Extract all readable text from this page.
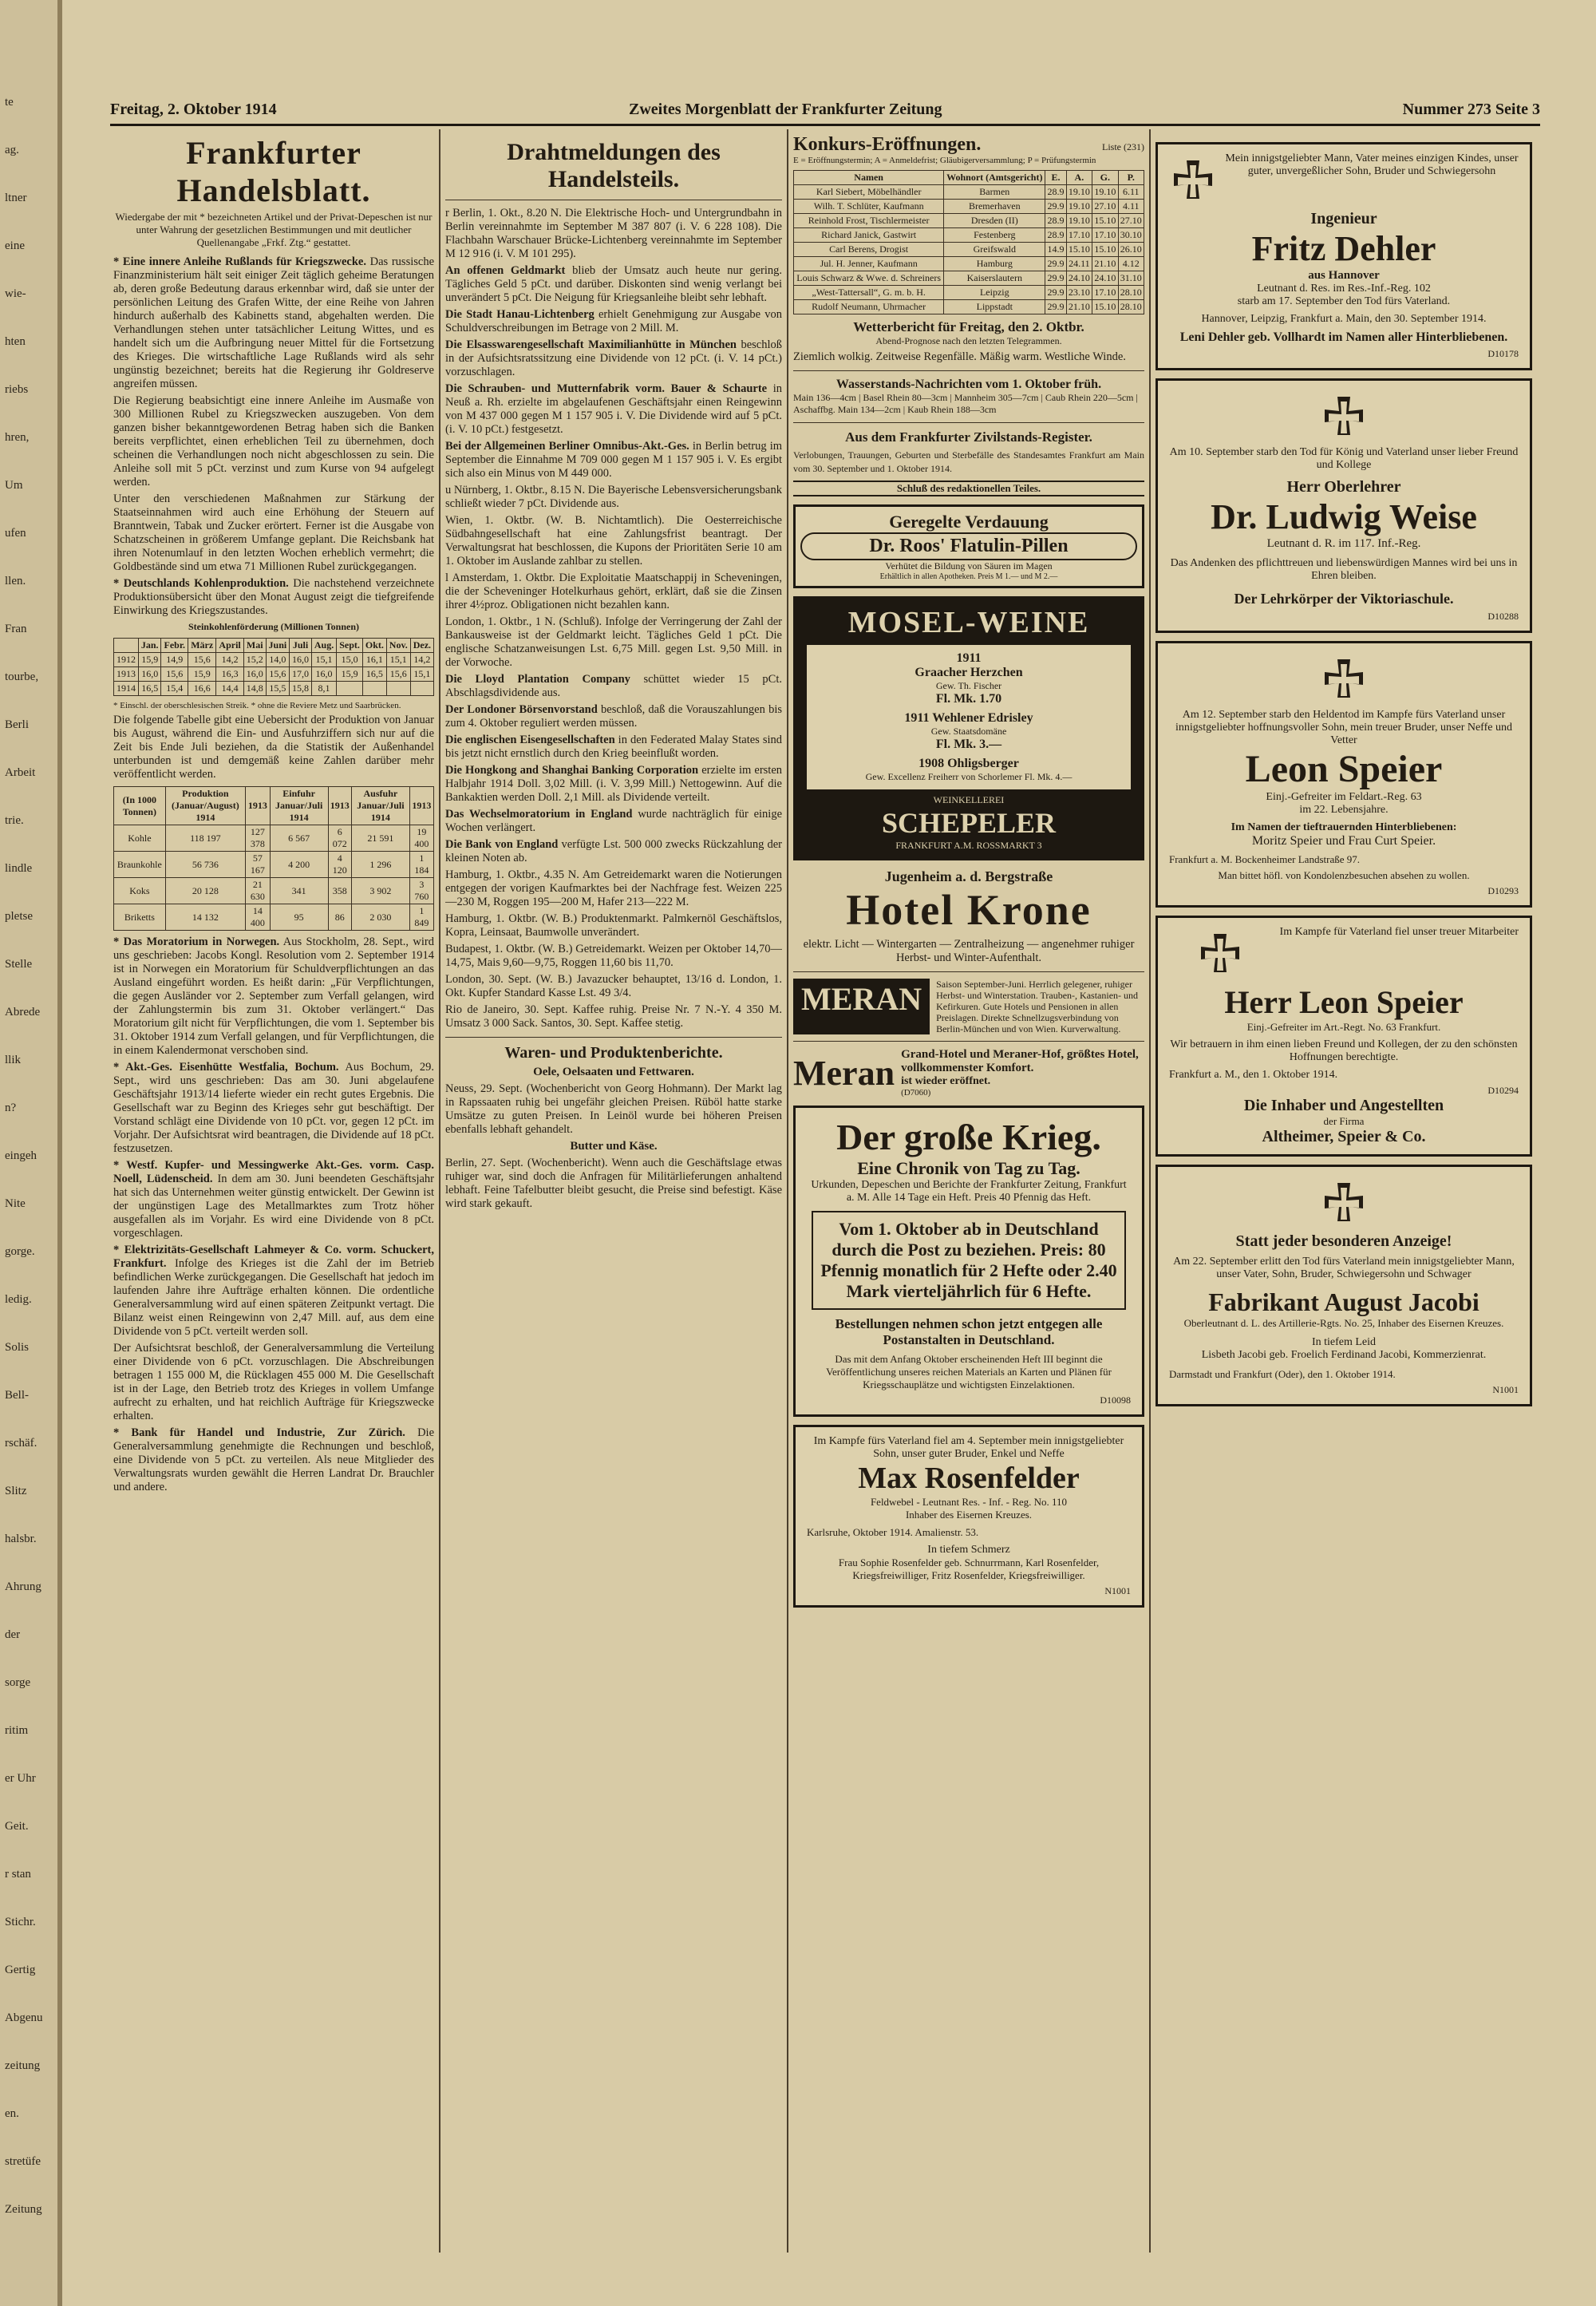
te
ag.
ltner
eine
wie-
hten
riebs
hren,
Um
ufen
llen.
Fran
tourbe,
Berli
Arbeit
trie.
lindle
pletse
Stelle
Abrede
llik
n?
eingeh
Nite
gorge.
ledig.
Solis
Bell-
rschäf.
Slitz
halsbr.
Ahrung
der
sorge
ritim
er Uhr
Geit.
r stan
Stichr.
Gertig
Abgenu
zeitung
en.
stretüfe
Zeitung
Freitag, 2. Oktober 1914	Zweites Morgenblatt der Frankfurter Zeitung	Nummer 273 Seite 3
Frankfurter Handelsblatt.
Wiedergabe der mit * bezeichneten Artikel und der Privat-Depeschen ist nur unter Wahrung der gesetzlichen Bestimmungen und mit deutlicher Quellenangabe „Frkf. Ztg.“ gestattet.

* Eine innere Anleihe Rußlands für Kriegszwecke. Das russische Finanzministerium hält seit einiger Zeit täglich geheime Beratungen ab, deren große Bedeutung daraus erkennbar wird, daß sie unter der persönlichen Leitung des Grafen Witte, der eine Reihe von Jahren hindurch außerhalb des Kabinetts stand, abgehalten werden. Die Verhandlungen stehen unter tatsächlicher Leitung Wittes, und es handelt sich um die Aufbringung neuer Mittel für die Fortsetzung des Krieges. Die wirtschaftliche Lage Rußlands wird als sehr ungünstig bezeichnet; bereits hat die Regierung ihr Goldreserve angreifen müssen.

Die Regierung beabsichtigt eine innere Anleihe im Ausmaße von 300 Millionen Rubel zu Kriegszwecken auszugeben. Von dem ganzen bisher bekanntgewordenen Betrag haben sich die Banken bereits verpflichtet, einen erheblichen Teil zu übernehmen, doch scheinen die Verhandlungen noch nicht abgeschlossen zu sein. Die Anleihe soll mit 5 pCt. verzinst und zum Kurse von 94 aufgelegt werden.

Unter den verschiedenen Maßnahmen zur Stärkung der Staatseinnahmen wird auch eine Erhöhung der Steuern auf Branntwein, Tabak und Zucker erörtert. Ferner ist die Ausgabe von Schatzscheinen in größerem Umfange geplant. Die Reichsbank hat ihren Notenumlauf in den letzten Wochen erheblich vermehrt; die Goldbestände sind um etwa 71 Millionen Rubel zurückgegangen.

* Deutschlands Kohlenproduktion. Die nachstehend verzeichnete Produktionsübersicht über den Monat August zeigt die tiefgreifende Einwirkung des Kriegszustandes.

Steinkohlenförderung (Millionen Tonnen)
	Jan.	Febr.	März	April	Mai	Juni	Juli	Aug.	Sept.	Okt.	Nov.	Dez.
1912	15,9	14,9	15,6	14,2	15,2	14,0	16,0	15,1	15,0	16,1	15,1	14,2
1913	16,0	15,6	15,9	16,3	16,0	15,6	17,0	16,0	15,9	16,5	15,6	15,1
1914	16,5	15,4	16,6	14,4	14,8	15,5	15,8	8,1				
* Einschl. der oberschlesischen Streik. * ohne die Reviere Metz und Saarbrücken.

Die folgende Tabelle gibt eine Uebersicht der Produktion von Januar bis August, während die Ein- und Ausfuhrziffern sich nur auf die Zeit bis Ende Juli beziehen, da die Statistik der Außenhandel unterbunden ist und demgemäß keine Zahlen darüber mehr veröffentlicht werden.

(In 1000 Tonnen)	Produktion (Januar/August) 1914	1913	Einfuhr Januar/Juli 1914	1913	Ausfuhr Januar/Juli 1914	1913
Kohle	118 197	127 378	6 567	6 072	21 591	19 400
Braunkohle	56 736	57 167	4 200	4 120	1 296	1 184
Koks	20 128	21 630	341	358	3 902	3 760
Briketts	14 132	14 400	95	86	2 030	1 849

* Das Moratorium in Norwegen. Aus Stockholm, 28. Sept., wird uns geschrieben: Jacobs Kongl. Resolution vom 2. September 1914 ist in Norwegen ein Moratorium für Schuldverpflichtungen an das Ausland eingeführt worden. Es heißt darin: „Für Verpflichtungen, die gegen Ausländer vor 2. September zum Verfall gelangen, wird der Zahlungstermin bis zum 31. Oktober verlängert.“ Das Moratorium gilt nicht für Verpflichtungen, die vom 1. September bis 31. Oktober 1914 zum Verfall gelangen, und für Verpflichtungen, die in einem Kalendermonat verschoben sind.

* Akt.-Ges. Eisenhütte Westfalia, Bochum. Aus Bochum, 29. Sept., wird uns geschrieben: Das am 30. Juni abgelaufene Geschäftsjahr 1913/14 lieferte wieder ein recht gutes Ergebnis. Die Gesellschaft war zu Beginn des Krieges sehr gut beschäftigt. Der Vorstand schlägt eine Dividende von 10 pCt. vor, gegen 12 pCt. im Vorjahr. Der Aufsichtsrat wird beantragen, die Dividende auf 18 pCt. festzusetzen.

* Westf. Kupfer- und Messingwerke Akt.-Ges. vorm. Casp. Noell, Lüdenscheid. In dem am 30. Juni beendeten Geschäftsjahr hat sich das Unternehmen weiter günstig entwickelt. Der Gewinn ist der ungünstigen Lage des Metallmarktes zum Trotz höher ausgefallen als im Vorjahr. Es wird eine Dividende von 8 pCt. vorgeschlagen.

* Elektrizitäts-Gesellschaft Lahmeyer & Co. vorm. Schuckert, Frankfurt. Infolge des Krieges ist die Zahl der im Betrieb befindlichen Werke zurückgegangen. Die Gesellschaft hat jedoch im laufenden Jahre ihre Aufträge erhalten können. Die ordentliche Generalversammlung wird auf einen späteren Zeitpunkt vertagt. Die Bilanz weist einen Reingewinn von 2,47 Mill. auf, aus dem eine Dividende von 5 pCt. verteilt werden soll.

Der Aufsichtsrat beschloß, der Generalversammlung die Verteilung einer Dividende von 6 pCt. vorzuschlagen. Die Abschreibungen betragen 1 155 000 M, die Rücklagen 455 000 M. Die Gesellschaft ist in der Lage, den Betrieb trotz des Krieges in vollem Umfange aufrecht zu erhalten, und hat reichlich Aufträge für Kriegszwecke erhalten.

* Bank für Handel und Industrie, Zur Zürich. Die Generalversammlung genehmigte die Rechnungen und beschloß, eine Dividende von 5 pCt. zu verteilen. Als neue Mitglieder des Verwaltungsrats wurden gewählt die Herren Landrat Dr. Brauchler und andere.

Drahtmeldungen des Handelsteils.

r Berlin, 1. Okt., 8.20 N. Die Elektrische Hoch- und Untergrundbahn in Berlin vereinnahmte im September M 387 807 (i. V. 6 228 108). Die Flachbahn Warschauer Brücke-Lichtenberg vereinnahmte im September M 12 916 (i. V. M 101 295).

An offenen Geldmarkt blieb der Umsatz auch heute nur gering. Tägliches Geld 5 pCt. und darüber. Diskonten sind wenig verlangt bei unverändert 5 pCt. Die Neigung für Kriegsanleihe bleibt sehr lebhaft.

Die Stadt Hanau-Lichtenberg erhielt Genehmigung zur Ausgabe von Schuldverschreibungen im Betrage von 2 Mill. M.

Die Elsasswarengesellschaft Maximilianhütte in München beschloß in der Aufsichtsratssitzung eine Dividende von 12 pCt. (i. V. 14 pCt.) vorzuschlagen.

Die Schrauben- und Mutternfabrik vorm. Bauer & Schaurte in Neuß a. Rh. erzielte im abgelaufenen Geschäftsjahr einen Reingewinn von M 437 000 gegen M 1 157 905 i. V. Die Dividende wird auf 5 pCt. (i. V. 10 pCt.) festgesetzt.

Bei der Allgemeinen Berliner Omnibus-Akt.-Ges. in Berlin betrug im September die Einnahme M 709 000 gegen M 1 157 905 i. V. Es ergibt sich also ein Minus von M 449 000.

u Nürnberg, 1. Oktbr., 8.15 N. Die Bayerische Lebensversicherungsbank schließt wieder 7 pCt. Dividende aus.

Wien, 1. Oktbr. (W. B. Nichtamtlich). Die Oesterreichische Südbahngesellschaft hat eine Zahlungsfrist beantragt. Der Verwaltungsrat hat beschlossen, die Kupons der Prioritäten Serie 10 am 1. Oktober im Auslande zahlbar zu stellen.

l Amsterdam, 1. Oktbr. Die Exploitatie Maatschappij in Scheveningen, die der Scheveninger Hotelkurhaus gehört, erklärt, daß sie die Zinsen ihrer 4½proz. Obligationen nicht bezahlen kann.

London, 1. Oktbr., 1 N. (Schluß). Infolge der Verringerung der Zahl der Bankausweise ist der Geldmarkt leicht. Tägliches Geld 1 pCt. Die englische Schatzanweisungen Lst. 6,75 Mill. gegen Lst. 9,50 Mill. in der Vorwoche.

Die Lloyd Plantation Company schüttet wieder 15 pCt. Abschlagsdividende aus.

Der Londoner Börsenvorstand beschloß, daß die Vorauszahlungen bis zum 4. Oktober reguliert werden müssen.

Die englischen Eisengesellschaften in den Federated Malay States sind bis jetzt nicht ernstlich durch den Krieg beeinflußt worden.

Die Hongkong and Shanghai Banking Corporation erzielte im ersten Halbjahr 1914 Doll. 3,02 Mill. (i. V. 3,99 Mill.) Nettogewinn. Auf die Bankaktien werden Doll. 2,1 Mill. als Dividende verteilt.

Das Wechselmoratorium in England wurde nachträglich für einige Wochen verlängert.

Die Bank von England verfügte Lst. 500 000 zwecks Rückzahlung der kleinen Noten ab.

Hamburg, 1. Oktbr., 4.35 N. Am Getreidemarkt waren die Notierungen entgegen der vorigen Kaufmarktes bei der Nachfrage fest. Weizen 225—230 M, Roggen 195—200 M, Hafer 213—222 M.

Hamburg, 1. Oktbr. (W. B.) Produktenmarkt. Palmkernöl Geschäftslos, Kopra, Leinsaat, Baumwolle unverändert.

Budapest, 1. Oktbr. (W. B.) Getreidemarkt. Weizen per Oktober 14,70—14,75, Mais 9,60—9,75, Roggen 11,60 bis 11,70.

London, 30. Sept. (W. B.) Javazucker behauptet, 13/16 d. London, 1. Okt. Kupfer Standard Kasse Lst. 49 3/4.

Rio de Janeiro, 30. Sept. Kaffee ruhig. Preise Nr. 7 N.-Y. 4 350 M. Umsatz 3 000 Sack. Santos, 30. Sept. Kaffee stetig.

Waren- und Produktenberichte.
Oele, Oelsaaten und Fettwaren.

Neuss, 29. Sept. (Wochenbericht von Georg Hohmann). Der Markt lag in Rapssaaten ruhig bei ungefähr gleichen Preisen. Rüböl hatte starke Umsätze zu guten Preisen. In Leinöl wurde bei höheren Preisen ebenfalls lebhaft gehandelt.

Butter und Käse.

Berlin, 27. Sept. (Wochenbericht). Wenn auch die Geschäftslage etwas ruhiger war, sind doch die Anfragen für Militärlieferungen anhaltend lebhaft. Feine Tafelbutter bleibt gesucht, die Preise sind befestigt. Käse wird stark gekauft.

Konkurs-Eröffnungen.	Liste (231)
E = Eröffnungstermin; A = Anmeldefrist; Gläubigerversammlung; P = Prüfungstermin
Namen	Wohnort (Amtsgericht)	E.	A.	G.	P.
Karl Siebert, Möbelhändler	Barmen	28.9	19.10	19.10	6.11
Wilh. T. Schlüter, Kaufmann	Bremerhaven	29.9	19.10	27.10	4.11
Reinhold Frost, Tischlermeister	Dresden (II)	28.9	19.10	15.10	27.10
Richard Janick, Gastwirt	Festenberg	28.9	17.10	17.10	30.10
Carl Berens, Drogist	Greifswald	14.9	15.10	15.10	26.10
Jul. H. Jenner, Kaufmann	Hamburg	29.9	24.11	21.10	4.12
Louis Schwarz & Wwe. d. Schreiners	Kaiserslautern	29.9	24.10	24.10	31.10
„West-Tattersall“, G. m. b. H.	Leipzig	29.9	23.10	17.10	28.10
Rudolf Neumann, Uhrmacher	Lippstadt	29.9	21.10	15.10	28.10
Wetterbericht für Freitag, den 2. Oktbr.
Abend-Prognose nach den letzten Telegrammen.
Ziemlich wolkig. Zeitweise Regenfälle. Mäßig warm. Westliche Winde.
Wasserstands-Nachrichten vom 1. Oktober früh.
Main 136—4cm | Basel Rhein 80—3cm | Mannheim 305—7cm | Caub Rhein 220—5cm | Aschaffbg. Main 134—2cm | Kaub Rhein 188—3cm
Aus dem Frankfurter Zivilstands-Register.
Verlobungen, Trauungen, Geburten und Sterbefälle des Standesamtes Frankfurt am Main vom 30. September und 1. Oktober 1914.
Schluß des redaktionellen Teiles.
Geregelte Verdauung
Dr. Roos' Flatulin-Pillen
Verhütet die Bildung von Säuren im Magen
Erhältlich in allen Apotheken. Preis M 1.— und M 2.—
MOSEL-WEINE
1911
Graacher Herzchen
Gew. Th. Fischer
Fl. Mk. 1.70
1911 Wehlener Edrisley
Gew. Staatsdomäne
Fl. Mk. 3.—
1908 Ohligsberger
Gew. Excellenz Freiherr von Schorlemer Fl. Mk. 4.—
WEINKELLEREI
SCHEPELER
FRANKFURT A.M. ROSSMARKT 3
Jugenheim a. d. Bergstraße
Hotel Krone
elektr. Licht — Wintergarten — Zentralheizung — angenehmer ruhiger Herbst- und Winter-Aufenthalt.
MERAN	Saison September-Juni. Herrlich gelegener, ruhiger Herbst- und Winterstation. Trauben-, Kastanien- und Kefirkuren. Gute Hotels und Pensionen in allen Preislagen. Direkte Schnellzugsverbindung von Berlin-München und von Wien. Kurverwaltung.
Meran Grand-Hotel und Meraner-Hof, größtes Hotel, vollkommenster Komfort.
ist wieder eröffnet.
(D7060)
Der große Krieg.
Eine Chronik von Tag zu Tag.
Urkunden, Depeschen und Berichte der Frankfurter Zeitung, Frankfurt a. M. Alle 14 Tage ein Heft. Preis 40 Pfennig das Heft.
Vom 1. Oktober ab in Deutschland durch die Post zu beziehen. Preis: 80 Pfennig monatlich für 2 Hefte oder 2.40 Mark vierteljährlich für 6 Hefte.
Bestellungen nehmen schon jetzt entgegen alle Postanstalten in Deutschland.
Das mit dem Anfang Oktober erscheinenden Heft III beginnt die Veröffentlichung unseres reichen Materials an Karten und Plänen für Kriegsschauplätze und wichtigsten Einzelaktionen.
D10098
Im Kampfe fürs Vaterland fiel am 4. September mein innigstgeliebter Sohn, unser guter Bruder, Enkel und Neffe
Max Rosenfelder
Feldwebel - Leutnant Res. - Inf. - Reg. No. 110
Inhaber des Eisernen Kreuzes.
Karlsruhe, Oktober 1914. Amalienstr. 53.
In tiefem Schmerz
Frau Sophie Rosenfelder geb. Schnurrmann, Karl Rosenfelder, Kriegsfreiwilliger, Fritz Rosenfelder, Kriegsfreiwilliger.
N1001
Mein innigstgeliebter Mann, Vater meines einzigen Kindes, unser guter, unvergeßlicher Sohn, Bruder und Schwiegersohn
Ingenieur
Fritz Dehler
aus Hannover
Leutnant d. Res. im Res.-Inf.-Reg. 102
starb am 17. September den Tod fürs Vaterland.
Hannover, Leipzig, Frankfurt a. Main, den 30. September 1914.
Leni Dehler geb. Vollhardt im Namen aller Hinterbliebenen.
D10178
Am 10. September starb den Tod für König und Vaterland unser lieber Freund und Kollege
Herr Oberlehrer
Dr. Ludwig Weise
Leutnant d. R. im 117. Inf.-Reg.
Das Andenken des pflichttreuen und liebenswürdigen Mannes wird bei uns in Ehren bleiben.
Der Lehrkörper der Viktoriaschule.
D10288
Am 12. September starb den Heldentod im Kampfe fürs Vaterland unser innigstgeliebter hoffnungsvoller Sohn, mein treuer Bruder, unser Neffe und Vetter
Leon Speier
Einj.-Gefreiter im Feldart.-Reg. 63
im 22. Lebensjahre.
Im Namen der tieftrauernden Hinterbliebenen:
Moritz Speier und Frau Curt Speier.
Frankfurt a. M. Bockenheimer Landstraße 97.
Man bittet höfl. von Kondolenzbesuchen absehen zu wollen.
D10293
Im Kampfe für Vaterland fiel unser treuer Mitarbeiter
Herr Leon Speier
Einj.-Gefreiter im Art.-Regt. No. 63 Frankfurt.
Wir betrauern in ihm einen lieben Freund und Kollegen, der zu den schönsten Hoffnungen berechtigte.
Frankfurt a. M., den 1. Oktober 1914.
D10294
Die Inhaber und Angestellten
der Firma
Altheimer, Speier & Co.
Statt jeder besonderen Anzeige!
Am 22. September erlitt den Tod fürs Vaterland mein innigstgeliebter Mann, unser Vater, Sohn, Bruder, Schwiegersohn und Schwager
Fabrikant August Jacobi
Oberleutnant d. L. des Artillerie-Rgts. No. 25, Inhaber des Eisernen Kreuzes.
In tiefem Leid
Lisbeth Jacobi geb. Froelich Ferdinand Jacobi, Kommerzienrat.
Darmstadt und Frankfurt (Oder), den 1. Oktober 1914.
N1001
